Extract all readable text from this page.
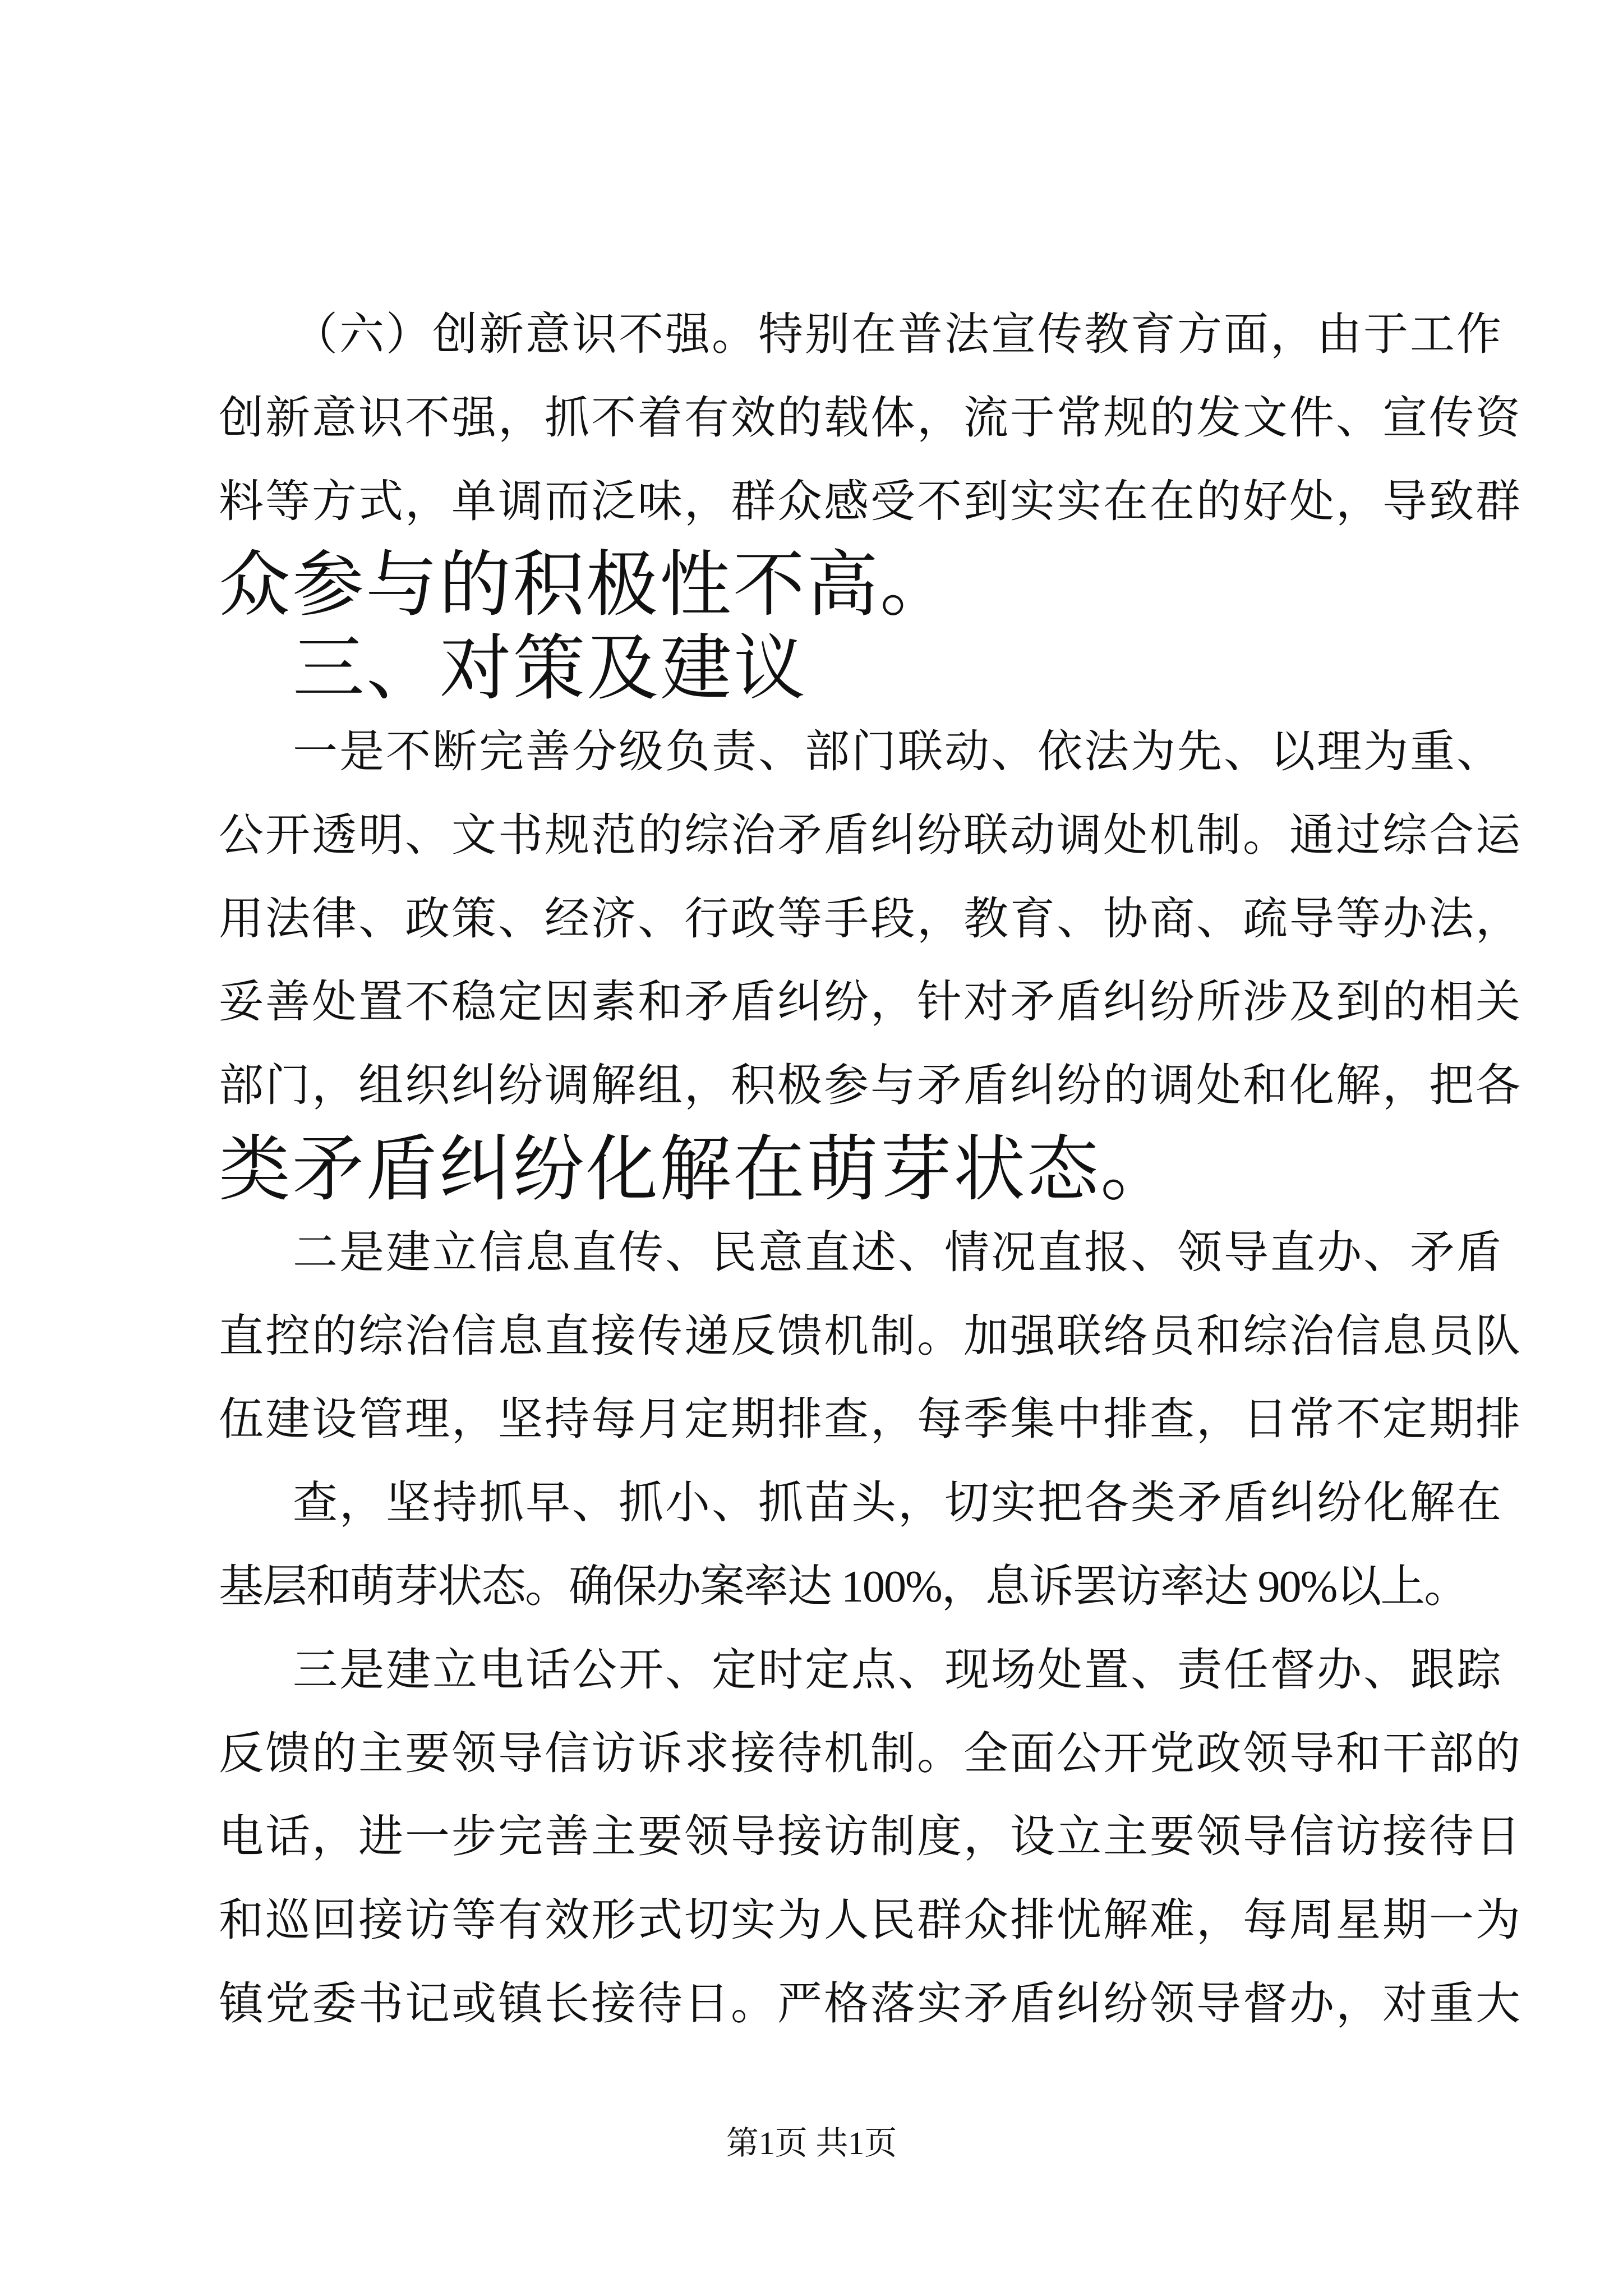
（六）创新意识不强。特别在普法宣传教育方面，由于工作
创新意识不强，抓不着有效的载体，流于常规的发文件、宣传资
料等方式，单调而泛味，群众感受不到实实在在的好处，导致群
众参与的积极性不高。
三、对策及建议
一是不断完善分级负责、部门联动、依法为先、以理为重、
公开透明、文书规范的综治矛盾纠纷联动调处机制。通过综合运
用法律、政策、经济、行政等手段，教育、协商、疏导等办法，
妥善处置不稳定因素和矛盾纠纷，针对矛盾纠纷所涉及到的相关
部门，组织纠纷调解组，积极参与矛盾纠纷的调处和化解，把各
类矛盾纠纷化解在萌芽状态。
二是建立信息直传、民意直述、情况直报、领导直办、矛盾
直控的综治信息直接传递反馈机制。加强联络员和综治信息员队
伍建设管理，坚持每月定期排查，每季集中排查，日常不定期排
查，坚持抓早、抓小、抓苗头，切实把各类矛盾纠纷化解在
基层和萌芽状态。确保办案率达 100%，息诉罢访率达 90%以上。
三是建立电话公开、定时定点、现场处置、责任督办、跟踪
反馈的主要领导信访诉求接待机制。全面公开党政领导和干部的
电话，进一步完善主要领导接访制度，设立主要领导信访接待日
和巡回接访等有效形式切实为人民群众排忧解难，每周星期一为
镇党委书记或镇长接待日。严格落实矛盾纠纷领导督办，对重大
第1页 共1页
